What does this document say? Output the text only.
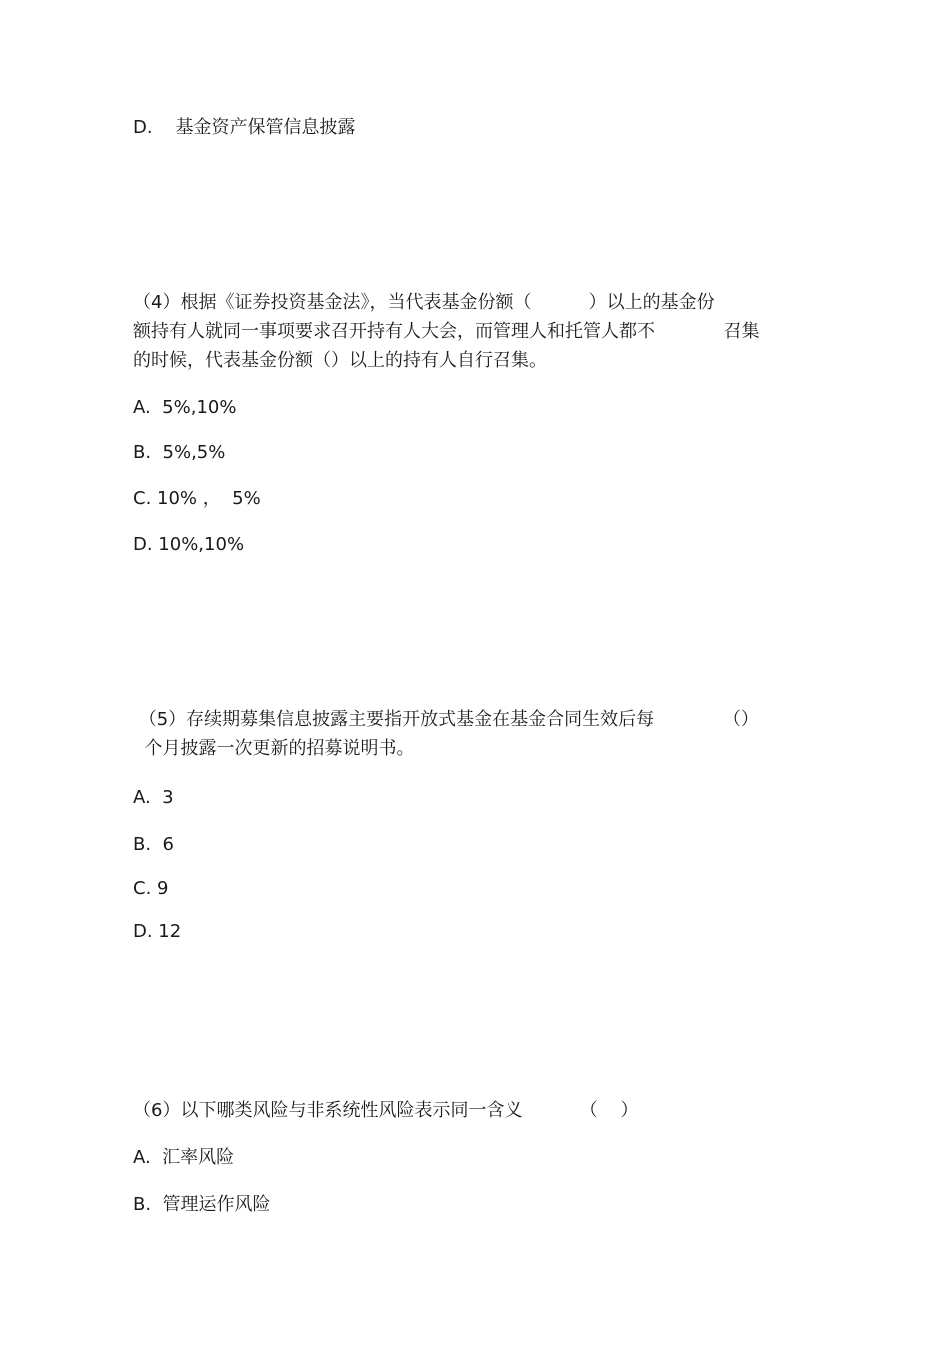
D.    基金资产保管信息披露
（4）根据《证券投资基金法》，当代表基金份额（          ）以上的基金份
额持有人就同一事项要求召开持有人大会，而管理人和托管人都不            召集
的时候，代表基金份额（）以上的持有人自行召集。
A.  5%,10%
B.  5%,5%
C. 10% ，  5%
D. 10%,10%
（5）存续期募集信息披露主要指开放式基金在基金合同生效后每            （）
个月披露一次更新的招募说明书。
A.  3
B.  6
C. 9
D. 12
（6）以下哪类风险与非系统性风险表示同一含义          （    ）
A.  汇率风险
B.  管理运作风险
